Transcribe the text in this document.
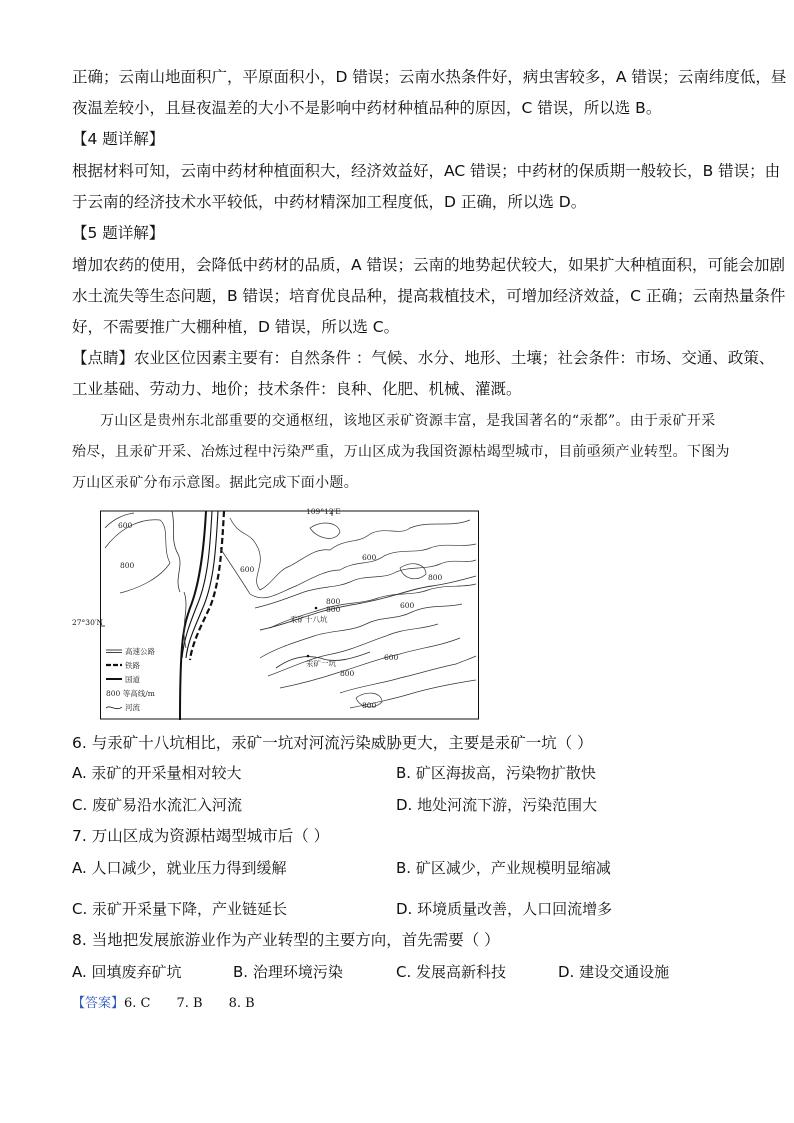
正确；云南山地面积广，平原面积小，D 错误；云南水热条件好，病虫害较多，A 错误；云南纬度低，昼
夜温差较小，且昼夜温差的大小不是影响中药材种植品种的原因，C 错误，所以选 B。
【4 题详解】
根据材料可知，云南中药材种植面积大，经济效益好，AC 错误；中药材的保质期一般较长，B 错误；由
于云南的经济技术水平较低，中药材精深加工程度低，D 正确，所以选 D。
【5 题详解】
增加农药的使用，会降低中药材的品质，A 错误；云南的地势起伏较大，如果扩大种植面积，可能会加剧
水土流失等生态问题，B 错误；培育优良品种，提高栽植技术，可增加经济效益，C 正确；云南热量条件
好，不需要推广大棚种植，D 错误，所以选 C。
【点睛】农业区位因素主要有：自然条件 ：气候、水分、地形、土壤；社会条件：市场、交通、政策、
工业基础、劳动力、地价；技术条件：良种、化肥、机械、灌溉。
万山区是贵州东北部重要的交通枢纽，该地区汞矿资源丰富，是我国著名的“汞都”。由于汞矿开采
殆尽，且汞矿开采、冶炼过程中污染严重，万山区成为我国资源枯竭型城市，目前亟须产业转型。下图为
万山区汞矿分布示意图。据此完成下面小题。
109°12′E
600
800	600
600
800
600
800
800
600
800
800
汞矿十八坑
汞矿一坑
高速公路
铁路
国道
800 等高线/m
河流
27°30′N
6. 与汞矿十八坑相比，汞矿一坑对河流污染威胁更大，主要是汞矿一坑（ ）
A. 汞矿的开采量相对较大	B. 矿区海拔高，污染物扩散快
C. 废矿易沿水流汇入河流	D. 地处河流下游，污染范围大
7. 万山区成为资源枯竭型城市后（ ）
A. 人口减少，就业压力得到缓解	B. 矿区减少，产业规模明显缩减
C. 汞矿开采量下降，产业链延长	D. 环境质量改善，人口回流增多
8. 当地把发展旅游业作为产业转型的主要方向，首先需要（ ）
A. 回填废弃矿坑	B. 治理环境污染	C. 发展高新科技	D. 建设交通设施
【答案】6. C 7. B 8. B
